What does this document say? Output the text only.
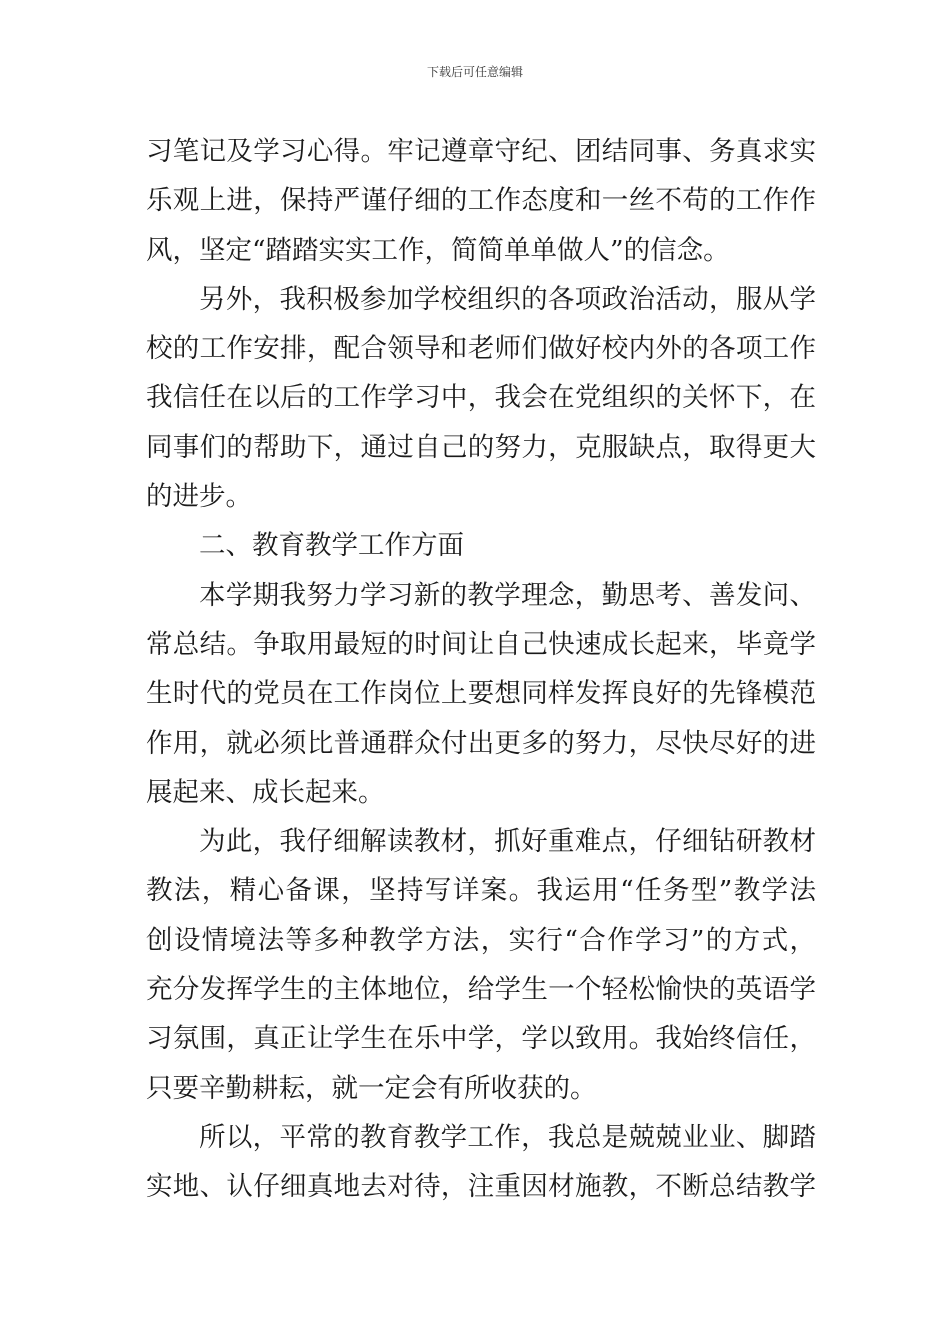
下载后可任意编辑
习笔记及学习心得。牢记遵章守纪、团结同事、务真求实
乐观上进，保持严谨仔细的工作态度和一丝不苟的工作作
风，坚定“踏踏实实工作，简简单单做人”的信念。
另外，我积极参加学校组织的各项政治活动，服从学
校的工作安排，配合领导和老师们做好校内外的各项工作
我信任在以后的工作学习中，我会在党组织的关怀下，在
同事们的帮助下，通过自己的努力，克服缺点，取得更大
的进步。
二、教育教学工作方面
本学期我努力学习新的教学理念，勤思考、善发问、
常总结。争取用最短的时间让自己快速成长起来，毕竟学
生时代的党员在工作岗位上要想同样发挥良好的先锋模范
作用，就必须比普通群众付出更多的努力，尽快尽好的进
展起来、成长起来。
为此，我仔细解读教材，抓好重难点，仔细钻研教材
教法，精心备课，坚持写详案。我运用“任务型”教学法
创设情境法等多种教学方法，实行“合作学习”的方式，
充分发挥学生的主体地位，给学生一个轻松愉快的英语学
习氛围，真正让学生在乐中学，学以致用。我始终信任，
只要辛勤耕耘，就一定会有所收获的。
所以，平常的教育教学工作，我总是兢兢业业、脚踏
实地、认仔细真地去对待，注重因材施教，不断总结教学
